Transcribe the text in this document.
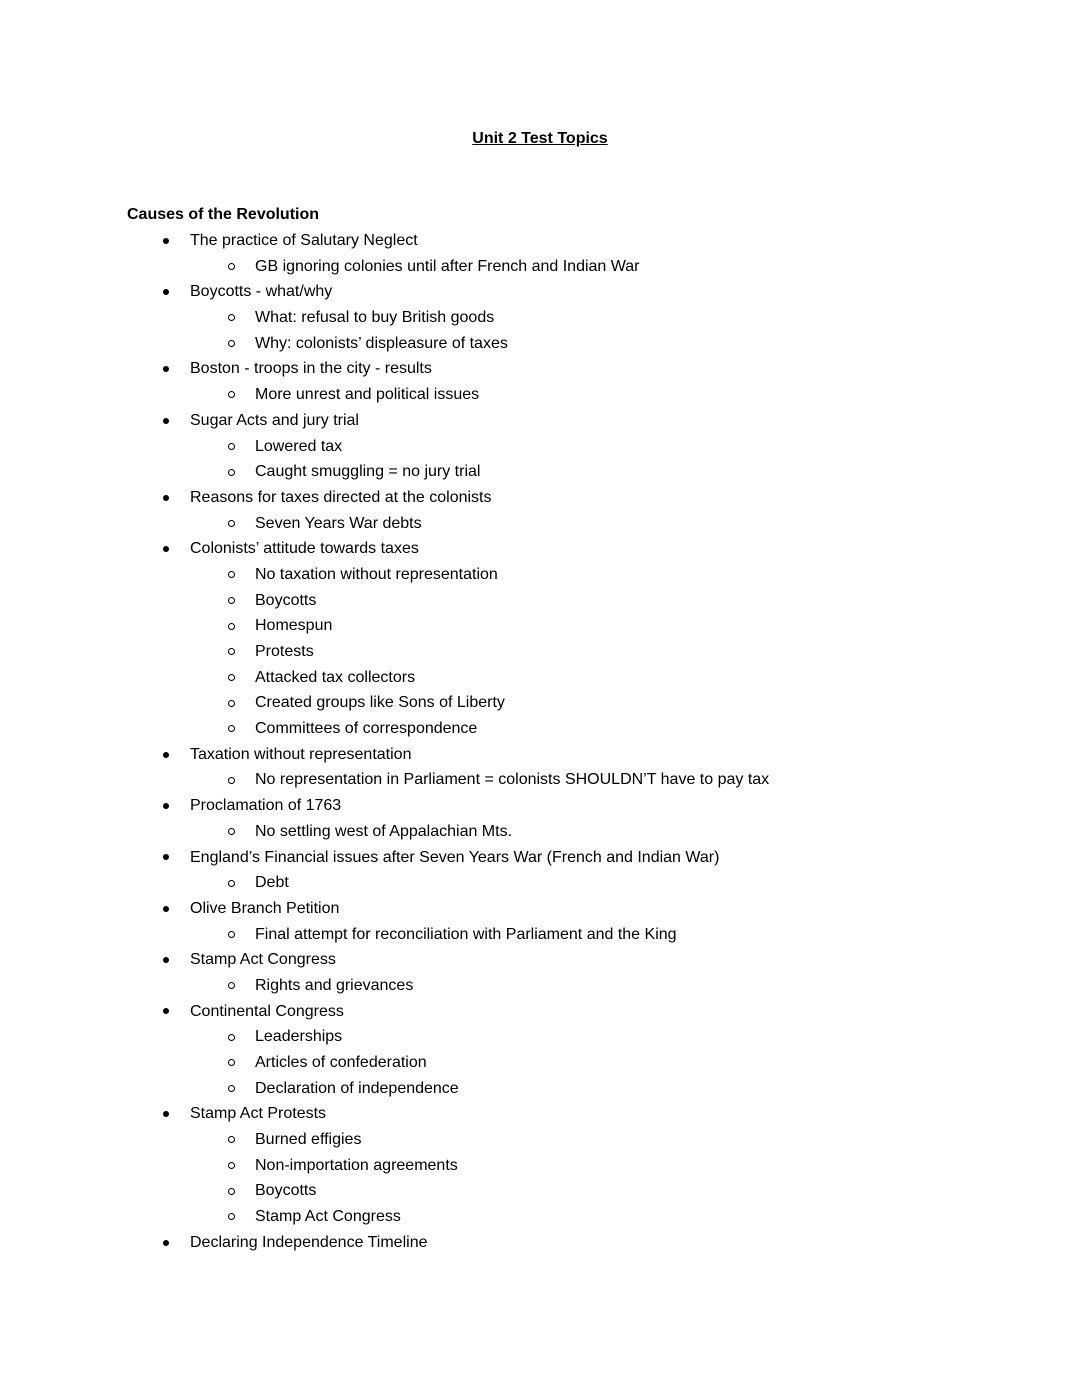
Unit 2 Test Topics
Causes of the Revolution
The practice of Salutary Neglect
GB ignoring colonies until after French and Indian War
Boycotts - what/why
What: refusal to buy British goods
Why: colonists’ displeasure of taxes
Boston - troops in the city - results
More unrest and political issues
Sugar Acts and jury trial
Lowered tax
Caught smuggling = no jury trial
Reasons for taxes directed at the colonists
Seven Years War debts
Colonists’ attitude towards taxes
No taxation without representation
Boycotts
Homespun
Protests
Attacked tax collectors
Created groups like Sons of Liberty
Committees of correspondence
Taxation without representation
No representation in Parliament = colonists SHOULDN’T have to pay tax
Proclamation of 1763
No settling west of Appalachian Mts.
England’s Financial issues after Seven Years War (French and Indian War)
Debt
Olive Branch Petition
Final attempt for reconciliation with Parliament and the King
Stamp Act Congress
Rights and grievances
Continental Congress
Leaderships
Articles of confederation
Declaration of independence
Stamp Act Protests
Burned effigies
Non-importation agreements
Boycotts
Stamp Act Congress
Declaring Independence Timeline
